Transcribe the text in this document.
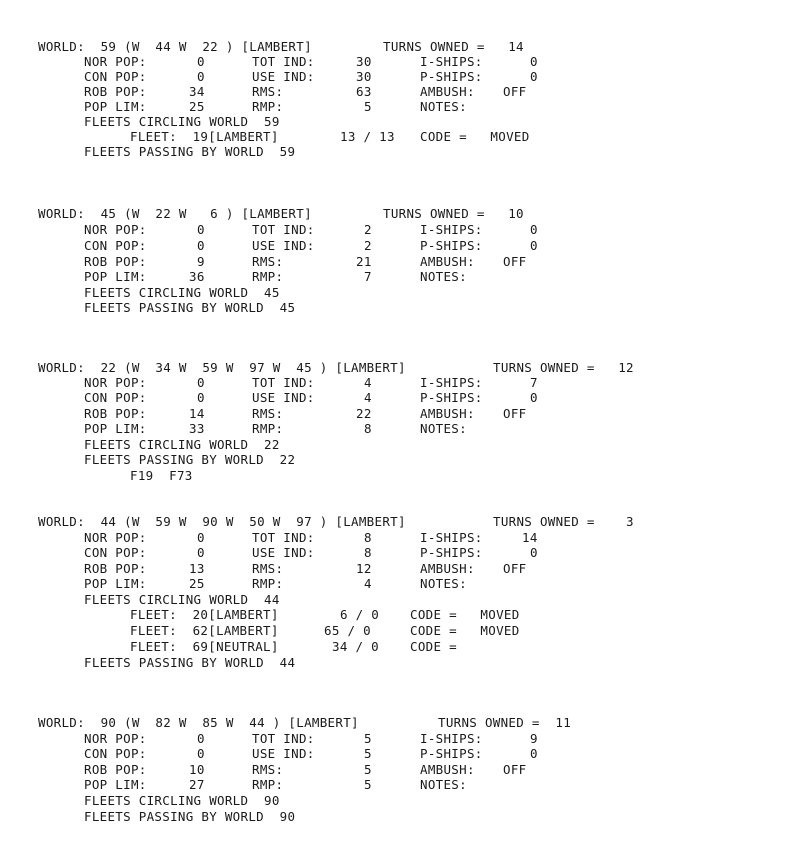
WORLD:  59 (W  44 W  22 ) [LAMBERT]	TURNS OWNED =   14
NOR POP:	0	TOT IND:	30	I-SHIPS:	0
CON POP:	0	USE IND:	30	P-SHIPS:	0
ROB POP:	34	RMS:	63	AMBUSH: OFF
POP LIM:	25	RMP:	5	NOTES:
FLEETS CIRCLING WORLD  59
FLEET:  19[LAMBERT]	13 / 13 CODE =   MOVED
FLEETS PASSING BY WORLD  59
WORLD:  45 (W  22 W   6 ) [LAMBERT]	TURNS OWNED =   10
NOR POP:	0	TOT IND:	2	I-SHIPS:	0
CON POP:	0	USE IND:	2	P-SHIPS:	0
ROB POP:	9	RMS:	21	AMBUSH: OFF
POP LIM:	36	RMP:	7	NOTES:
FLEETS CIRCLING WORLD  45
FLEETS PASSING BY WORLD  45
WORLD:  22 (W  34 W  59 W  97 W  45 ) [LAMBERT]	TURNS OWNED =   12
NOR POP:	0	TOT IND:	4	I-SHIPS:	7
CON POP:	0	USE IND:	4	P-SHIPS:	0
ROB POP:	14	RMS:	22	AMBUSH: OFF
POP LIM:	33	RMP:	8	NOTES:
FLEETS CIRCLING WORLD  22
FLEETS PASSING BY WORLD  22
F19  F73
WORLD:  44 (W  59 W  90 W  50 W  97 ) [LAMBERT]	TURNS OWNED =    3
NOR POP:	0	TOT IND:	8	I-SHIPS:	14
CON POP:	0	USE IND:	8	P-SHIPS:	0
ROB POP:	13	RMS:	12	AMBUSH: OFF
POP LIM:	25	RMP:	4	NOTES:
FLEETS CIRCLING WORLD  44
FLEET:  20[LAMBERT]	6 / 0 CODE =   MOVED
FLEET:  62[LAMBERT]	65 / 0	CODE =   MOVED
FLEET:  69[NEUTRAL]	34 / 0 CODE =
FLEETS PASSING BY WORLD  44
WORLD:  90 (W  82 W  85 W  44 ) [LAMBERT]	TURNS OWNED =  11
NOR POP:	0	TOT IND:	5	I-SHIPS:	9
CON POP:	0	USE IND:	5	P-SHIPS:	0
ROB POP:	10	RMS:	5	AMBUSH: OFF
POP LIM:	27	RMP:	5	NOTES:
FLEETS CIRCLING WORLD  90
FLEETS PASSING BY WORLD  90
